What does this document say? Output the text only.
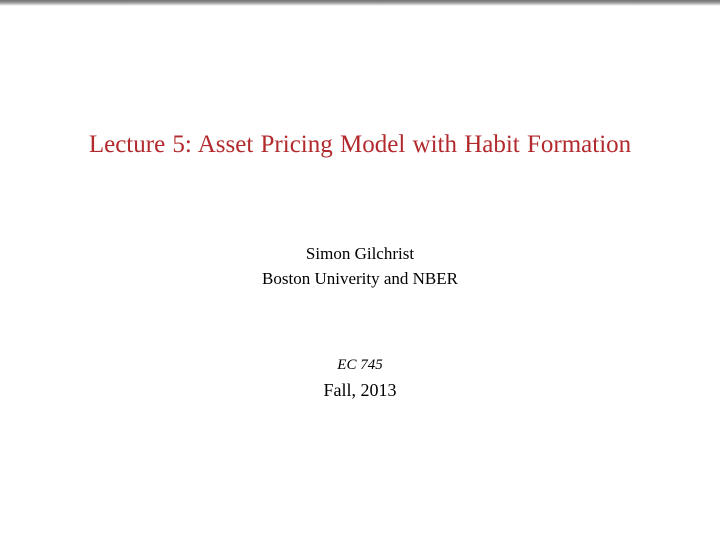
Lecture 5: Asset Pricing Model with Habit Formation
Simon Gilchrist
Boston Univerity and NBER
EC 745
Fall, 2013
